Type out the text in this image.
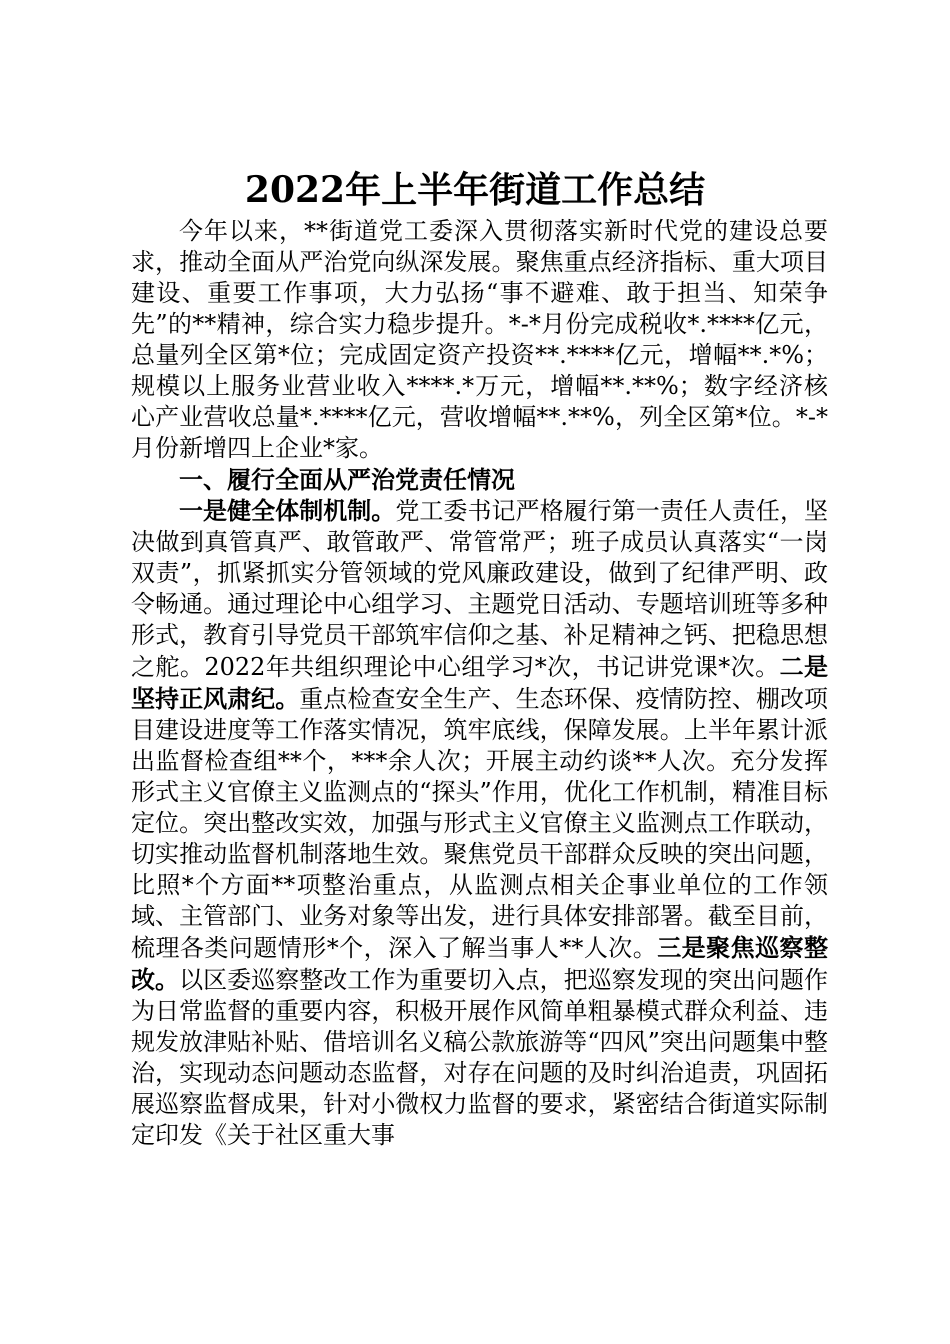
2022年上半年街道工作总结

今年以来，**街道党工委深入贯彻落实新时代党的建设总要求，推动全面从严治党向纵深发展。聚焦重点经济指标、重大项目建设、重要工作事项，大力弘扬“事不避难、敢于担当、知荣争先”的**精神，综合实力稳步提升。*-*月份完成税收*.****亿元，总量列全区第*位；完成固定资产投资**.****亿元，增幅**.*%；规模以上服务业营业收入****.*万元，增幅**.**%；数字经济核心产业营收总量*.****亿元，营收增幅**.**%，列全区第*位。*-*月份新增四上企业*家。

一、履行全面从严治党责任情况

一是健全体制机制。党工委书记严格履行第一责任人责任，坚决做到真管真严、敢管敢严、常管常严；班子成员认真落实“一岗双责”，抓紧抓实分管领域的党风廉政建设，做到了纪律严明、政令畅通。通过理论中心组学习、主题党日活动、专题培训班等多种形式，教育引导党员干部筑牢信仰之基、补足精神之钙、把稳思想之舵。2022年共组织理论中心组学习*次，书记讲党课*次。二是坚持正风肃纪。重点检查安全生产、生态环保、疫情防控、棚改项目建设进度等工作落实情况，筑牢底线，保障发展。上半年累计派出监督检查组**个，***余人次；开展主动约谈**人次。充分发挥形式主义官僚主义监测点的“探头”作用，优化工作机制，精准目标定位。突出整改实效，加强与形式主义官僚主义监测点工作联动，切实推动监督机制落地生效。聚焦党员干部群众反映的突出问题，比照*个方面**项整治重点，从监测点相关企事业单位的工作领域、主管部门、业务对象等出发，进行具体安排部署。截至目前，梳理各类问题情形*个，深入了解当事人**人次。三是聚焦巡察整改。以区委巡察整改工作为重要切入点，把巡察发现的突出问题作为日常监督的重要内容，积极开展作风简单粗暴模式群众利益、违规发放津贴补贴、借培训名义稿公款旅游等“四风”突出问题集中整治，实现动态问题动态监督，对存在问题的及时纠治追责，巩固拓展巡察监督成果，针对小微权力监督的要求，紧密结合街道实际制定印发《关于社区重大事
